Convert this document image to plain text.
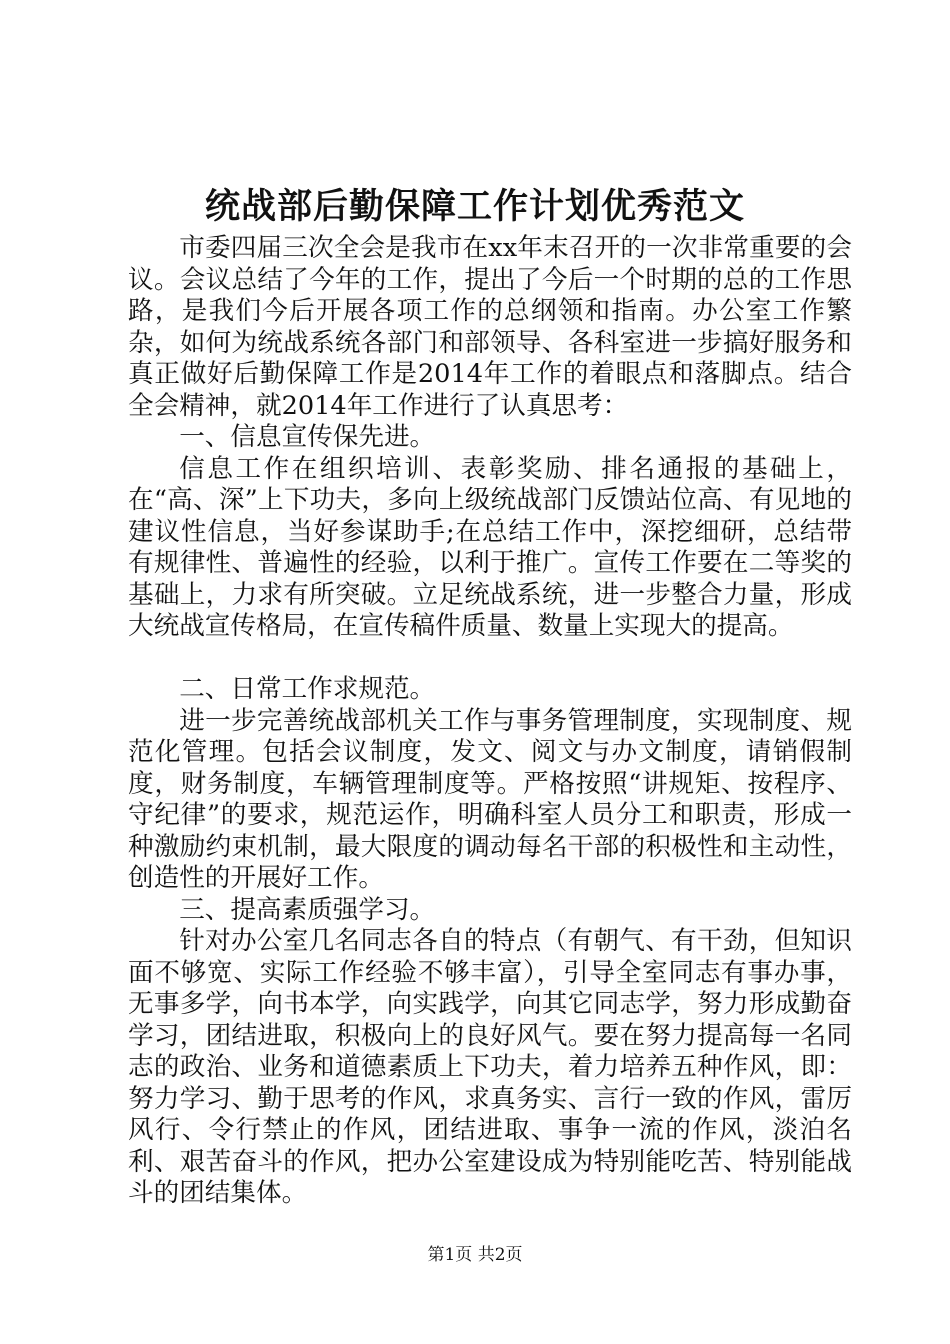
统战部后勤保障工作计划优秀范文

市委四届三次全会是我市在xx年末召开的一次非常重要的会议。会议总结了今年的工作，提出了今后一个时期的总的工作思路，是我们今后开展各项工作的总纲领和指南。办公室工作繁杂，如何为统战系统各部门和部领导、各科室进一步搞好服务和真正做好后勤保障工作是2014年工作的着眼点和落脚点。结合全会精神，就2014年工作进行了认真思考：

一、信息宣传保先进。

信息工作在组织培训、表彰奖励、排名通报的基础上，在“高、深”上下功夫，多向上级统战部门反馈站位高、有见地的建议性信息，当好参谋助手;在总结工作中，深挖细研，总结带有规律性、普遍性的经验，以利于推广。宣传工作要在二等奖的基础上，力求有所突破。立足统战系统，进一步整合力量，形成大统战宣传格局，在宣传稿件质量、数量上实现大的提高。

二、日常工作求规范。

进一步完善统战部机关工作与事务管理制度，实现制度、规范化管理。包括会议制度，发文、阅文与办文制度，请销假制度，财务制度，车辆管理制度等。严格按照“讲规矩、按程序、守纪律”的要求，规范运作，明确科室人员分工和职责，形成一种激励约束机制，最大限度的调动每名干部的积极性和主动性，创造性的开展好工作。

三、提高素质强学习。

针对办公室几名同志各自的特点（有朝气、有干劲，但知识面不够宽、实际工作经验不够丰富），引导全室同志有事办事，无事多学，向书本学，向实践学，向其它同志学，努力形成勤奋学习，团结进取，积极向上的良好风气。要在努力提高每一名同志的政治、业务和道德素质上下功夫，着力培养五种作风，即：努力学习、勤于思考的作风，求真务实、言行一致的作风，雷厉风行、令行禁止的作风，团结进取、事争一流的作风，淡泊名利、艰苦奋斗的作风，把办公室建设成为特别能吃苦、特别能战斗的团结集体。

第1页 共2页
